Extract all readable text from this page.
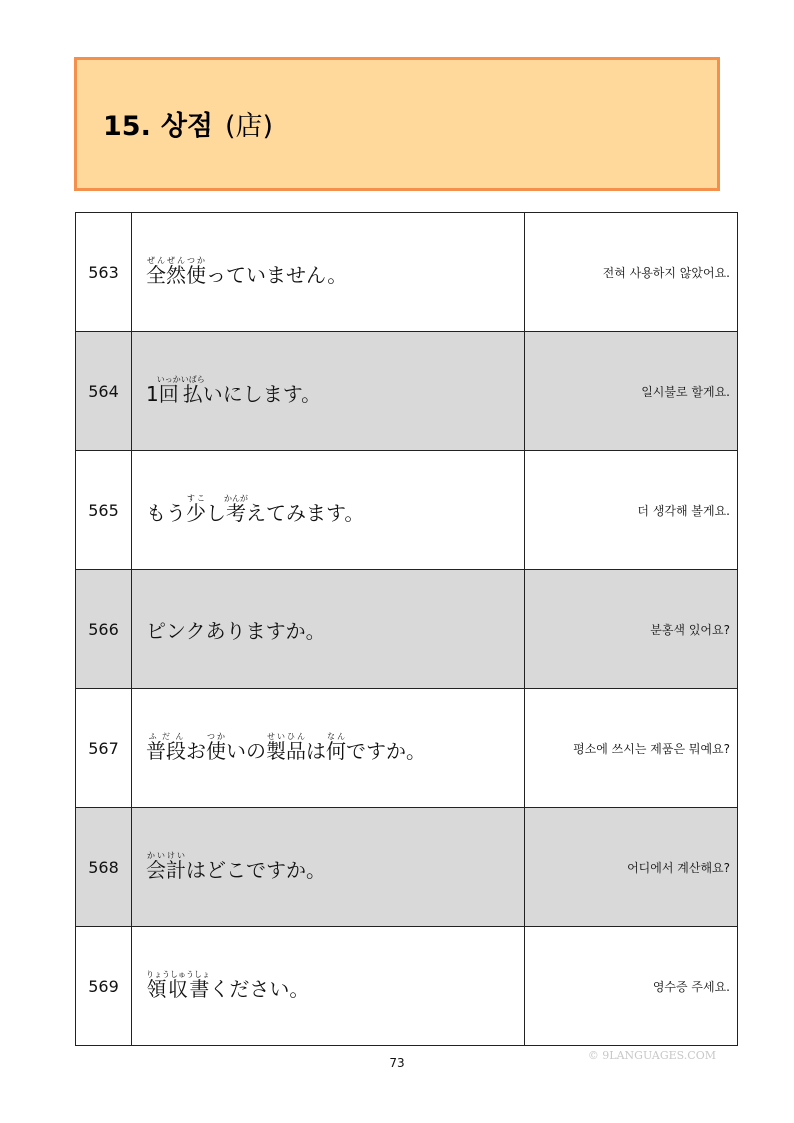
15. 상점 (店)
563	全然ぜんぜん使つかっていません。	전혀 사용하지 않았어요.
564	1回払いっかいばらいにします。	일시불로 할게요.
565	もう少すこし考かんがえてみます。	더 생각해 볼게요.
566	ピンクありますか。	분홍색 있어요?
567	普段ふだんお使つかいの製品せいひんは何なんですか。	평소에 쓰시는 제품은 뭐예요?
568	会計かいけいはどこですか。	어디에서 계산해요?
569	領収書りょうしゅうしょください。	영수증 주세요.
73
© 9LANGUAGES.COM
